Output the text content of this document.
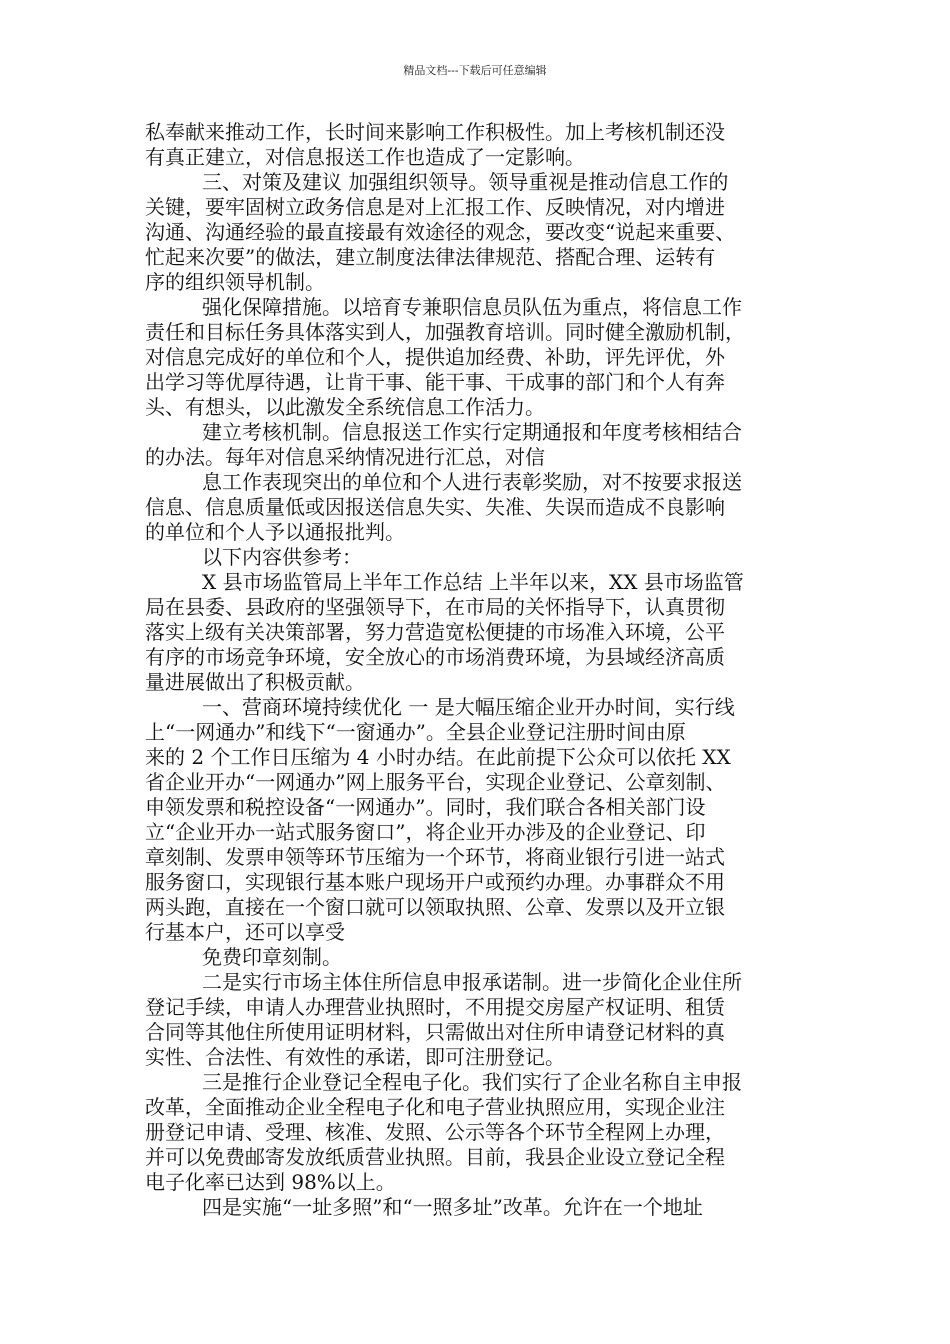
精品文档---下载后可任意编辑
私奉献来推动工作，长时间来影响工作积极性。加上考核机制还没
有真正建立，对信息报送工作也造成了一定影响。
三、对策及建议 加强组织领导。领导重视是推动信息工作的
关键，要牢固树立政务信息是对上汇报工作、反映情况，对内增进
沟通、沟通经验的最直接最有效途径的观念，要改变“说起来重要、
忙起来次要”的做法，建立制度法律法律规范、搭配合理、运转有
序的组织领导机制。
强化保障措施。以培育专兼职信息员队伍为重点，将信息工作
责任和目标任务具体落实到人，加强教育培训。同时健全激励机制，
对信息完成好的单位和个人，提供追加经费、补助，评先评优，外
出学习等优厚待遇，让肯干事、能干事、干成事的部门和个人有奔
头、有想头，以此激发全系统信息工作活力。
建立考核机制。信息报送工作实行定期通报和年度考核相结合
的办法。每年对信息采纳情况进行汇总，对信
息工作表现突出的单位和个人进行表彰奖励，对不按要求报送
信息、信息质量低或因报送信息失实、失准、失误而造成不良影响
的单位和个人予以通报批判。
以下内容供参考：
X 县市场监管局上半年工作总结 上半年以来，XX 县市场监管
局在县委、县政府的坚强领导下，在市局的关怀指导下，认真贯彻
落实上级有关决策部署，努力营造宽松便捷的市场准入环境，公平
有序的市场竞争环境，安全放心的市场消费环境，为县域经济高质
量进展做出了积极贡献。
一、营商环境持续优化 一 是大幅压缩企业开办时间，实行线
上“一网通办”和线下“一窗通办”。全县企业登记注册时间由原
来的 2 个工作日压缩为 4 小时办结。在此前提下公众可以依托 XX
省企业开办“一网通办”网上服务平台，实现企业登记、公章刻制、
申领发票和税控设备“一网通办”。同时，我们联合各相关部门设
立“企业开办一站式服务窗口”，将企业开办涉及的企业登记、印
章刻制、发票申领等环节压缩为一个环节，将商业银行引进一站式
服务窗口，实现银行基本账户现场开户或预约办理。办事群众不用
两头跑，直接在一个窗口就可以领取执照、公章、发票以及开立银
行基本户，还可以享受
免费印章刻制。
二是实行市场主体住所信息申报承诺制。进一步简化企业住所
登记手续，申请人办理营业执照时，不用提交房屋产权证明、租赁
合同等其他住所使用证明材料，只需做出对住所申请登记材料的真
实性、合法性、有效性的承诺，即可注册登记。
三是推行企业登记全程电子化。我们实行了企业名称自主申报
改革，全面推动企业全程电子化和电子营业执照应用，实现企业注
册登记申请、受理、核准、发照、公示等各个环节全程网上办理，
并可以免费邮寄发放纸质营业执照。目前，我县企业设立登记全程
电子化率已达到 98%以上。
四是实施“一址多照”和“一照多址”改革。允许在一个地址
